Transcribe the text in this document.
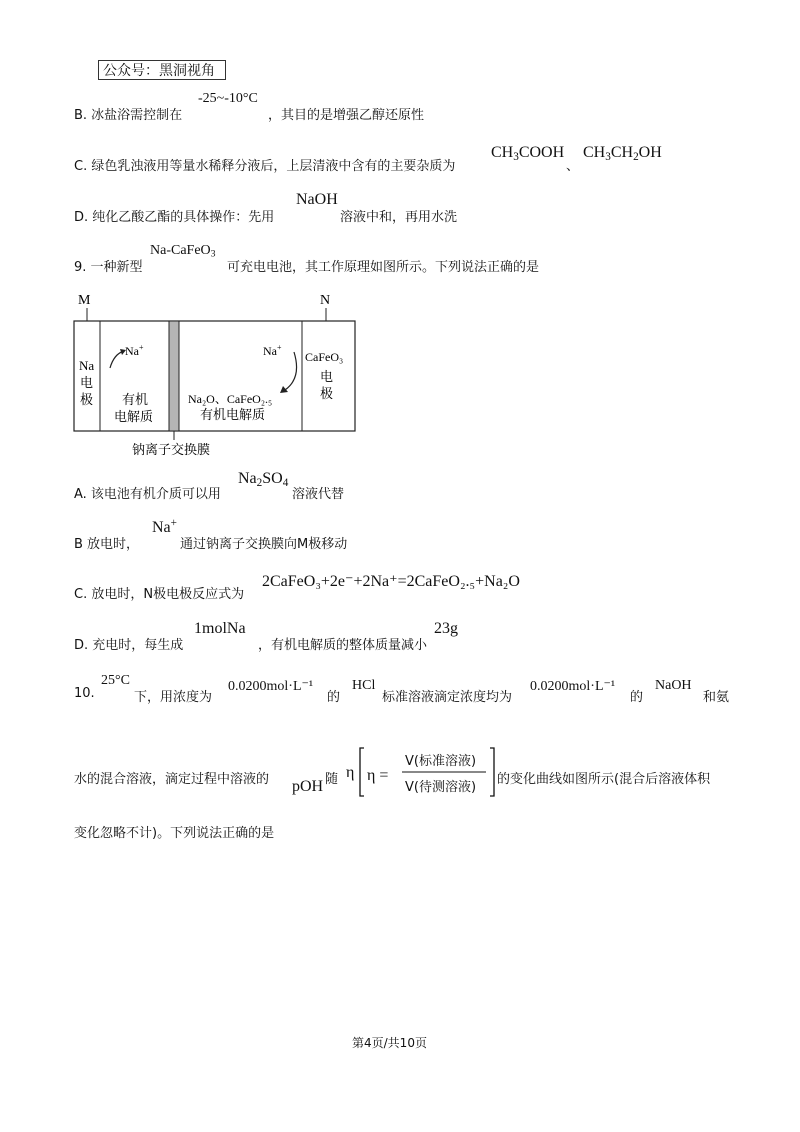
公众号：黑洞视角
B. 冰盐浴需控制在
-25~-10°C
，其目的是增强乙醇还原性
C. 绿色乳浊液用等量水稀释分液后，上层清液中含有的主要杂质为
$CH_3COOH$
、
$CH_3CH_2OH$
D. 纯化乙酸乙酯的具体操作：先用
NaOH
溶液中和，再用水洗
9. 一种新型
Na-CaFeO$_3$
可充电电池，其工作原理如图所示。下列说法正确的是
M	N
Na
电
极
Na+
有机
电解质
Na+
Na₂O、CaFeO₂.₅
有机电解质
CaFeO₃
电
极
钠离子交换膜
A. 该电池有机介质可以用
$Na_2SO_4$
溶液代替
B 放电时，
Na+
通过钠离子交换膜向M极移动
C. 放电时，N极电极反应式为
2CaFeO₃+2e⁻+2Na⁺=2CaFeO₂.₅+Na₂O
D. 充电时，每生成
1molNa
，有机电解质的整体质量减小
23g
10.
25°C
下，用浓度为
0.0200mol·L⁻¹
的
HCl
标准溶液滴定浓度均为
0.0200mol·L⁻¹
的
NaOH
和氨
水的混合溶液，滴定过程中溶液的 pOH 随 η η =
V(标准溶液)
V(待测溶液)
的变化曲线如图所示(混合后溶液体积
变化忽略不计)。下列说法正确的是
第4页/共10页
